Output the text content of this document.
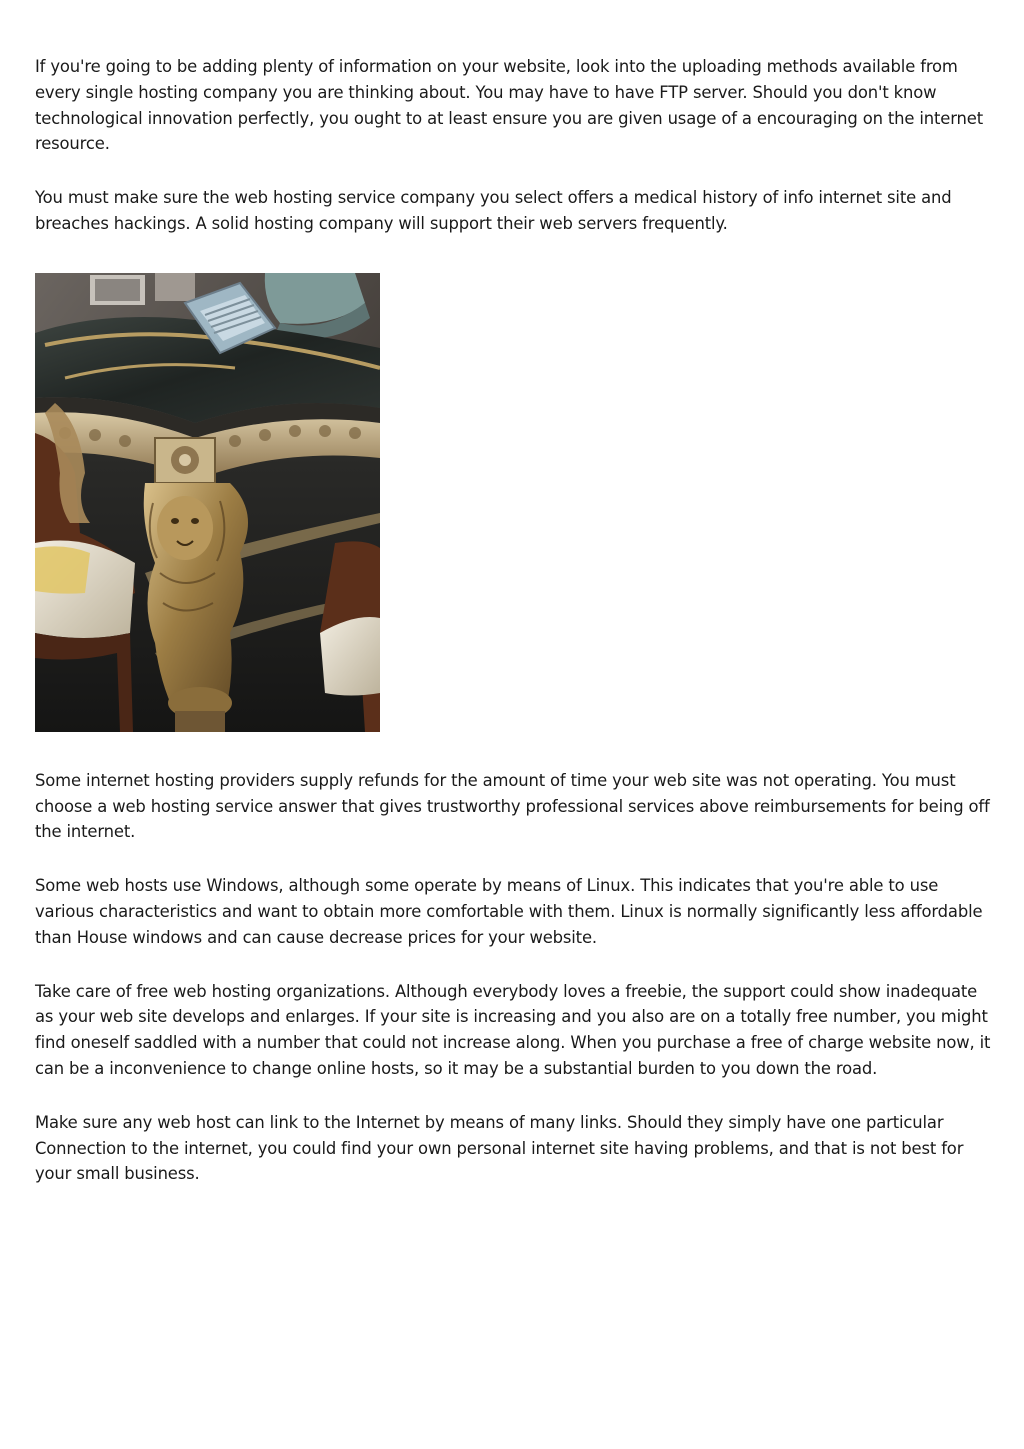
If you're going to be adding plenty of information on your website, look into the uploading methods available from every single hosting company you are thinking about. You may have to have FTP server. Should you don't know technological innovation perfectly, you ought to at least ensure you are given usage of a encouraging on the internet resource.

You must make sure the web hosting service company you select offers a medical history of info internet site and breaches hackings. A solid hosting company will support their web servers frequently.

Some internet hosting providers supply refunds for the amount of time your web site was not operating. You must choose a web hosting service answer that gives trustworthy professional services above reimbursements for being off the internet.

Some web hosts use Windows, although some operate by means of Linux. This indicates that you're able to use various characteristics and want to obtain more comfortable with them. Linux is normally significantly less affordable than House windows and can cause decrease prices for your website.

Take care of free web hosting organizations. Although everybody loves a freebie, the support could show inadequate as your web site develops and enlarges. If your site is increasing and you also are on a totally free number, you might find oneself saddled with a number that could not increase along. When you purchase a free of charge website now, it can be a inconvenience to change online hosts, so it may be a substantial burden to you down the road.

Make sure any web host can link to the Internet by means of many links. Should they simply have one particular Connection to the internet, you could find your own personal internet site having problems, and that is not best for your small business.
